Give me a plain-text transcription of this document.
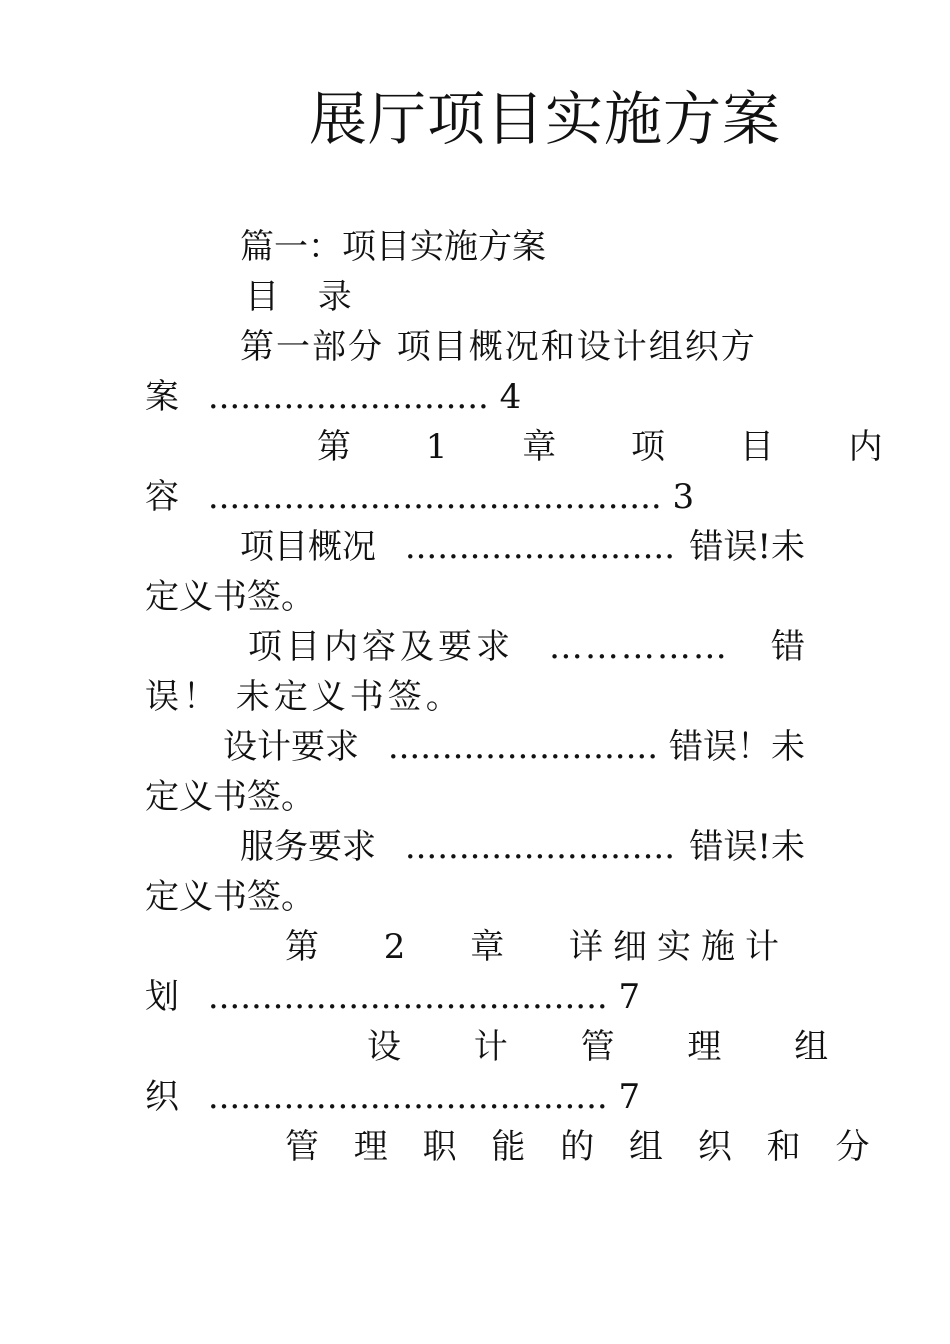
展厅项目实施方案
篇一：项目实施方案
目 录
第一部分 项目概况和设计组织方
案 .......................... 4
第 1 章 项 目 内
容 .......................................... 3
项目概况 ......................... 错误!未
定义书签。
项目内容及要求 …………… 错
误！ 未定义书签。
设计要求 ......................... 错误！未
定义书签。
服务要求 ......................... 错误!未
定义书签。
第 2 章 详细实施计
划 ..................................... 7
设 计 管 理 组
织 ..................................... 7
管 理 职 能 的 组 织 和 分
